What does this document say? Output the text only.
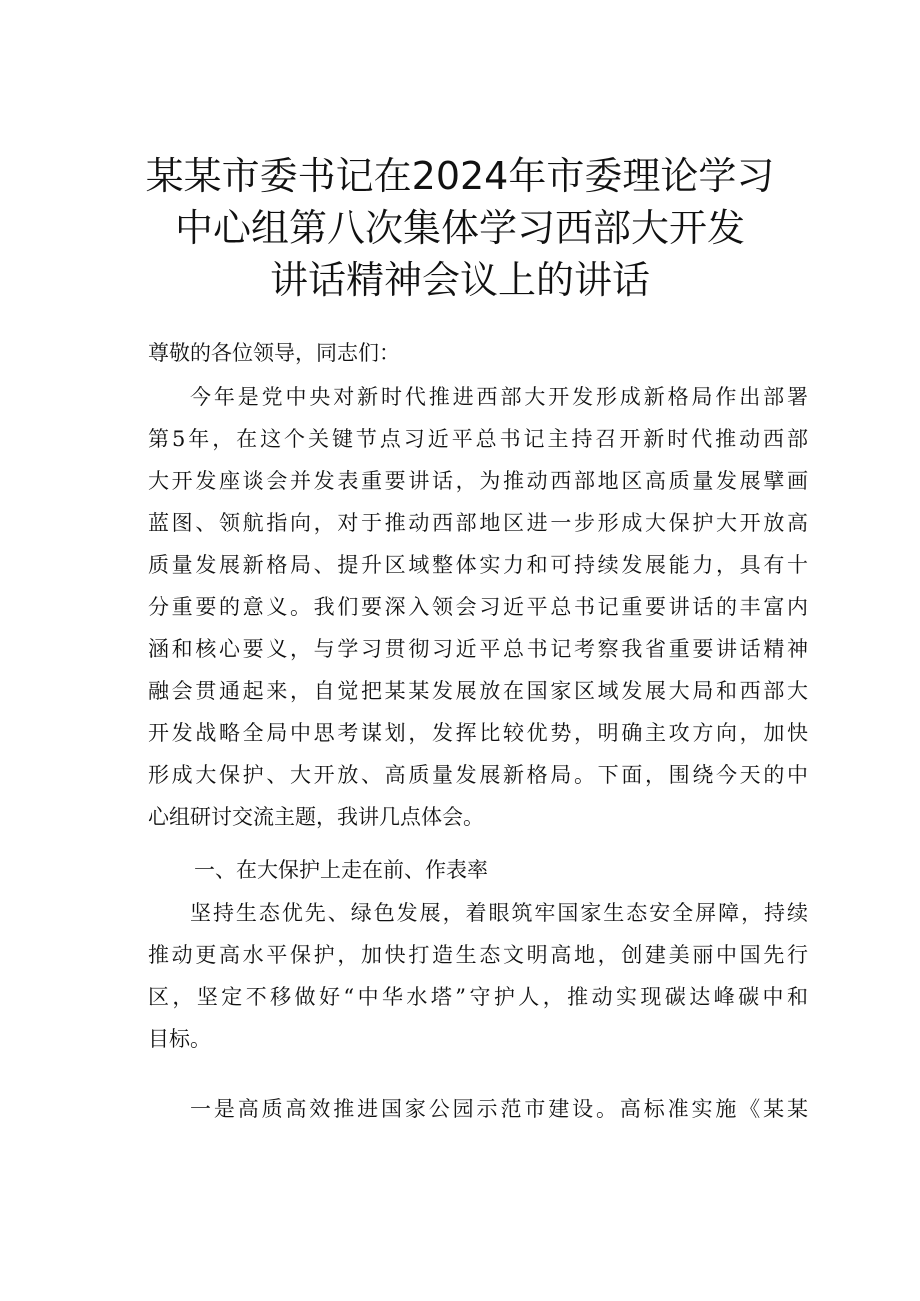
某某市委书记在2024年市委理论学习
中心组第八次集体学习西部大开发
讲话精神会议上的讲话
尊敬的各位领导，同志们：
今年是党中央对新时代推进西部大开发形成新格局作出部署
第5年，在这个关键节点习近平总书记主持召开新时代推动西部
大开发座谈会并发表重要讲话，为推动西部地区高质量发展擘画
蓝图、领航指向，对于推动西部地区进一步形成大保护大开放高
质量发展新格局、提升区域整体实力和可持续发展能力，具有十
分重要的意义。我们要深入领会习近平总书记重要讲话的丰富内
涵和核心要义，与学习贯彻习近平总书记考察我省重要讲话精神
融会贯通起来，自觉把某某发展放在国家区域发展大局和西部大
开发战略全局中思考谋划，发挥比较优势，明确主攻方向，加快
形成大保护、大开放、高质量发展新格局。下面，围绕今天的中
心组研讨交流主题，我讲几点体会。
一、在大保护上走在前、作表率
坚持生态优先、绿色发展，着眼筑牢国家生态安全屏障，持续
推动更高水平保护，加快打造生态文明高地，创建美丽中国先行
区，坚定不移做好“中华水塔”守护人，推动实现碳达峰碳中和
目标。
一是高质高效推进国家公园示范市建设。高标准实施《某某
